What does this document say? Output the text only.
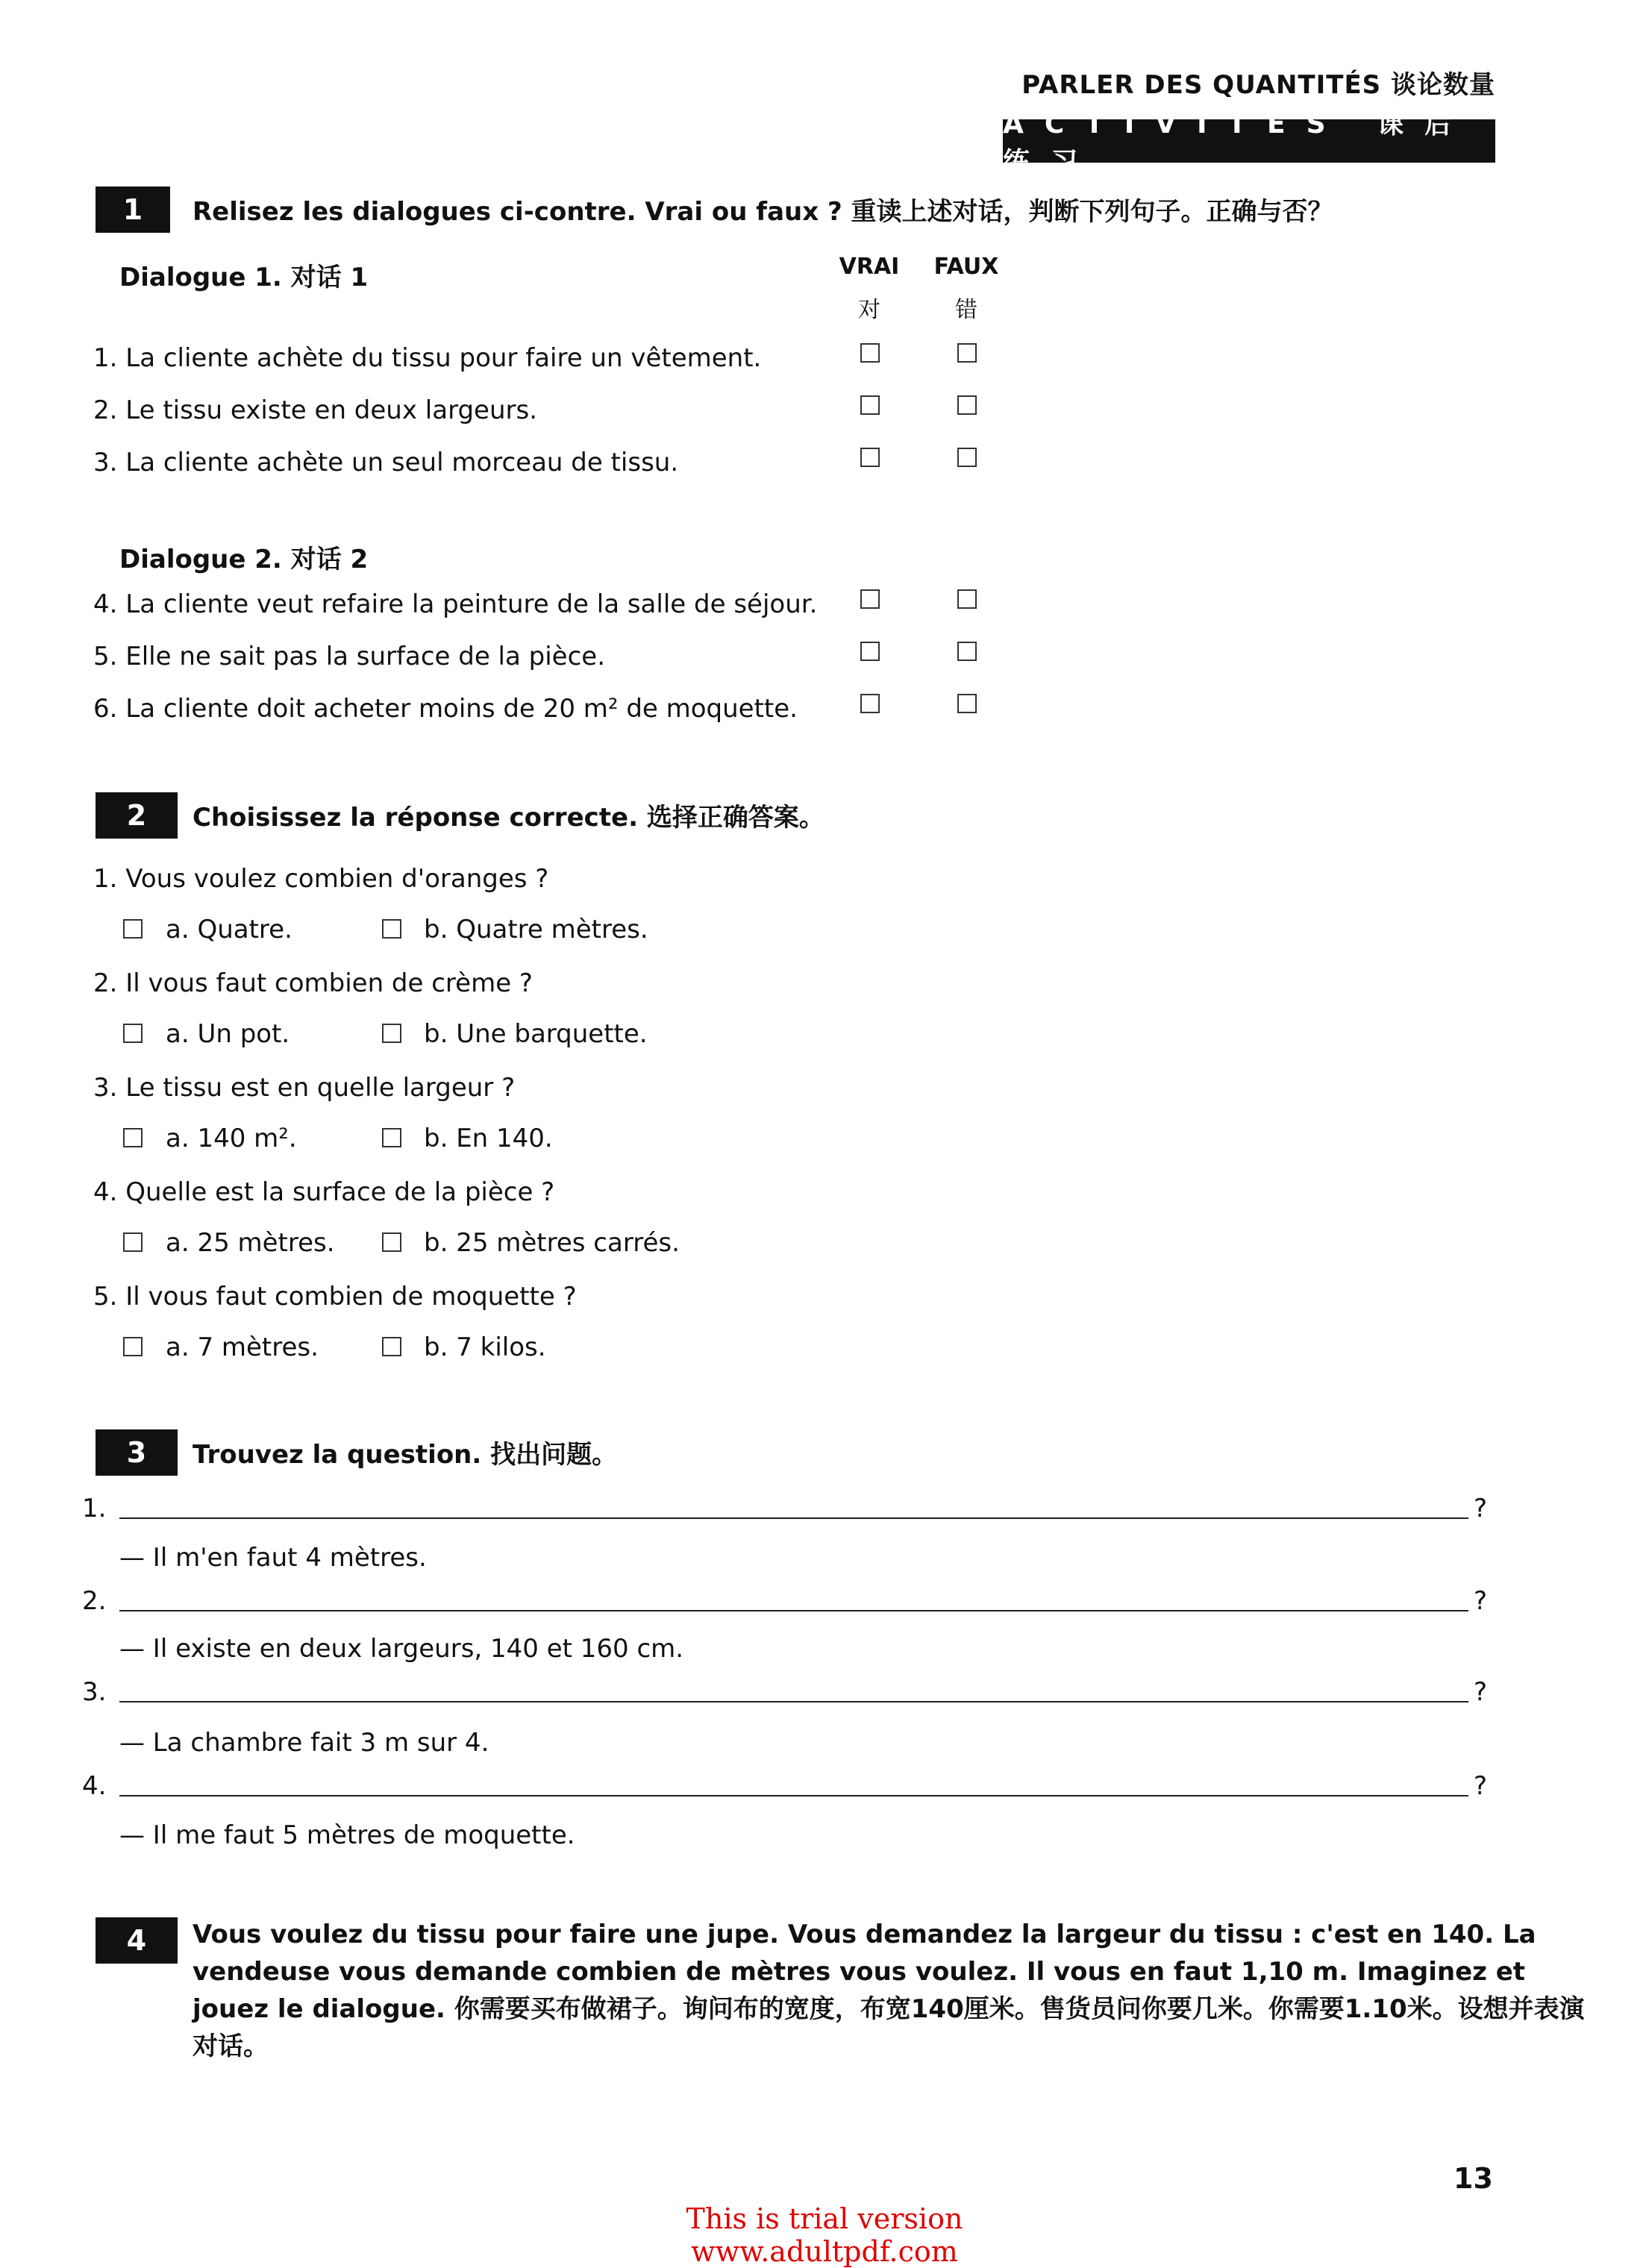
PARLER DES QUANTITÉS 谈论数量
ACTIVITÉS 课后练习
1	Relisez les dialogues ci-contre. Vrai ou faux ? 重读上述对话，判断下列句子。正确与否？
VRAI FAUX
对	错
Dialogue 1. 对话 1
1. La cliente achète du tissu pour faire un vêtement.
2. Le tissu existe en deux largeurs.
3. La cliente achète un seul morceau de tissu.
Dialogue 2. 对话 2
4. La cliente veut refaire la peinture de la salle de séjour.
5. Elle ne sait pas la surface de la pièce.
6. La cliente doit acheter moins de 20 m² de moquette.
2	Choisissez la réponse correcte. 选择正确答案。
1. Vous voulez combien d'oranges ?
a. Quatre.	b. Quatre mètres.
2. Il vous faut combien de crème ?
a. Un pot.	b. Une barquette.
3. Le tissu est en quelle largeur ?
a. 140 m².	b. En 140.
4. Quelle est la surface de la pièce ?
a. 25 mètres.	b. 25 mètres carrés.
5. Il vous faut combien de moquette ?
a. 7 mètres.	b. 7 kilos.
3	Trouvez la question. 找出问题。
1.	?
— Il m'en faut 4 mètres.
2.	?
— Il existe en deux largeurs, 140 et 160 cm.
3.	?
— La chambre fait 3 m sur 4.
4.	?
— Il me faut 5 mètres de moquette.
4	Vous voulez du tissu pour faire une jupe. Vous demandez la largeur du tissu : c'est en 140. La vendeuse vous demande combien de mètres vous voulez. Il vous en faut 1,10 m. Imaginez et jouez le dialogue. 你需要买布做裙子。询问布的宽度，布宽140厘米。售货员问你要几米。你需要1.10米。设想并表演对话。
13
This is trial version
www.adultpdf.com
